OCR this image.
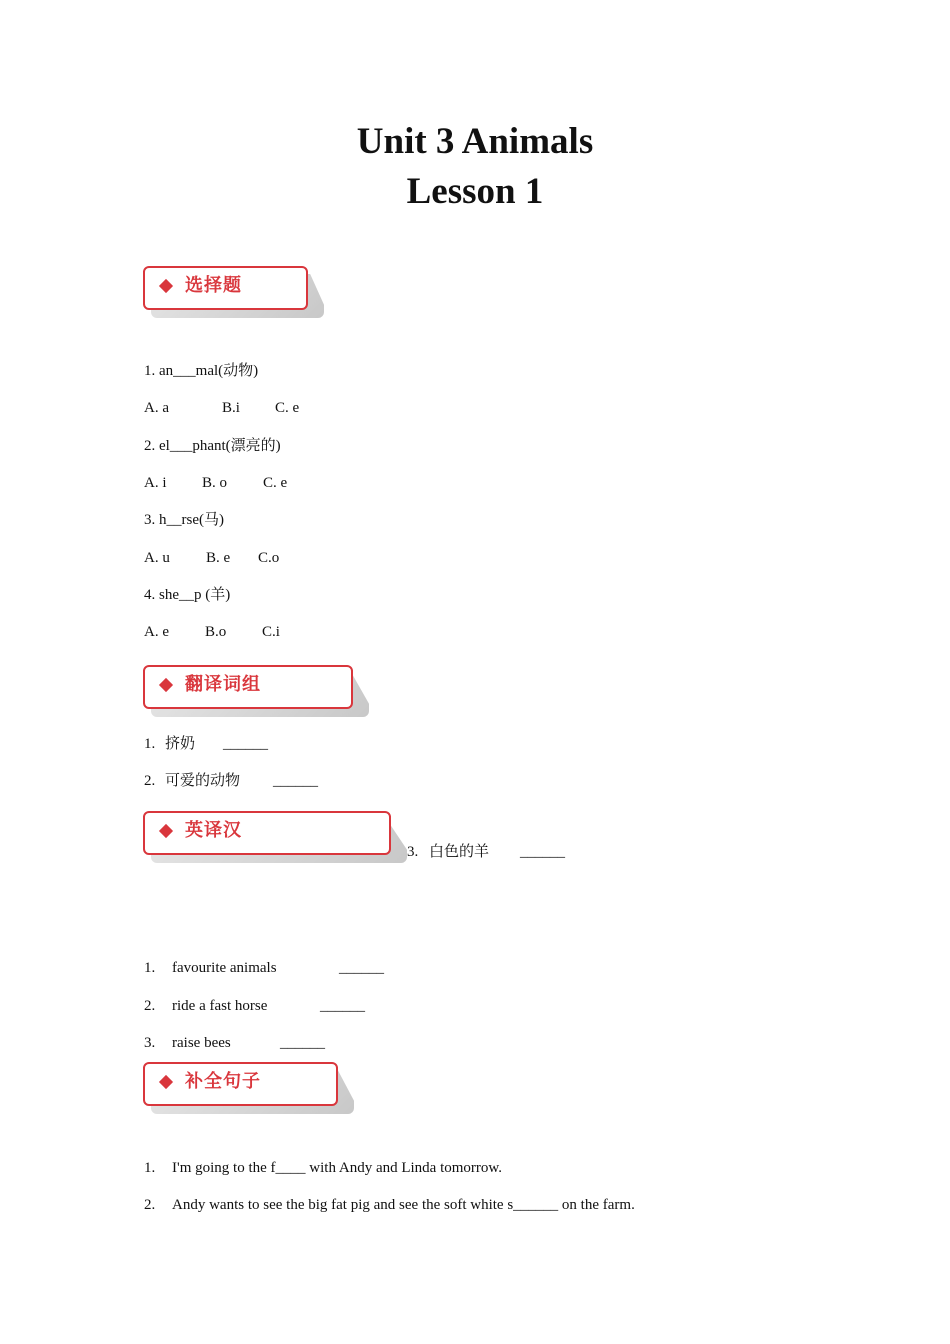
Unit 3 Animals
Lesson 1
选择题
1. an___mal(动物)
A. a	B.i C. e
2. el___phant(漂亮的)
A. i B. o C. e
3. h__rse(马)
A. u B. e C.o
4. she__p (羊)
A. e B.o C.i
翻译词组
1. 挤奶 ______
2. 可爱的动物 ______
英译汉
3. 白色的羊 ______
1. favourite animals	______
2. ride a fast horse	______
3. raise bees	______
补全句子
1. I'm going to the f____ with Andy and Linda tomorrow.
2. Andy wants to see the big fat pig and see the soft white s______ on the farm.
